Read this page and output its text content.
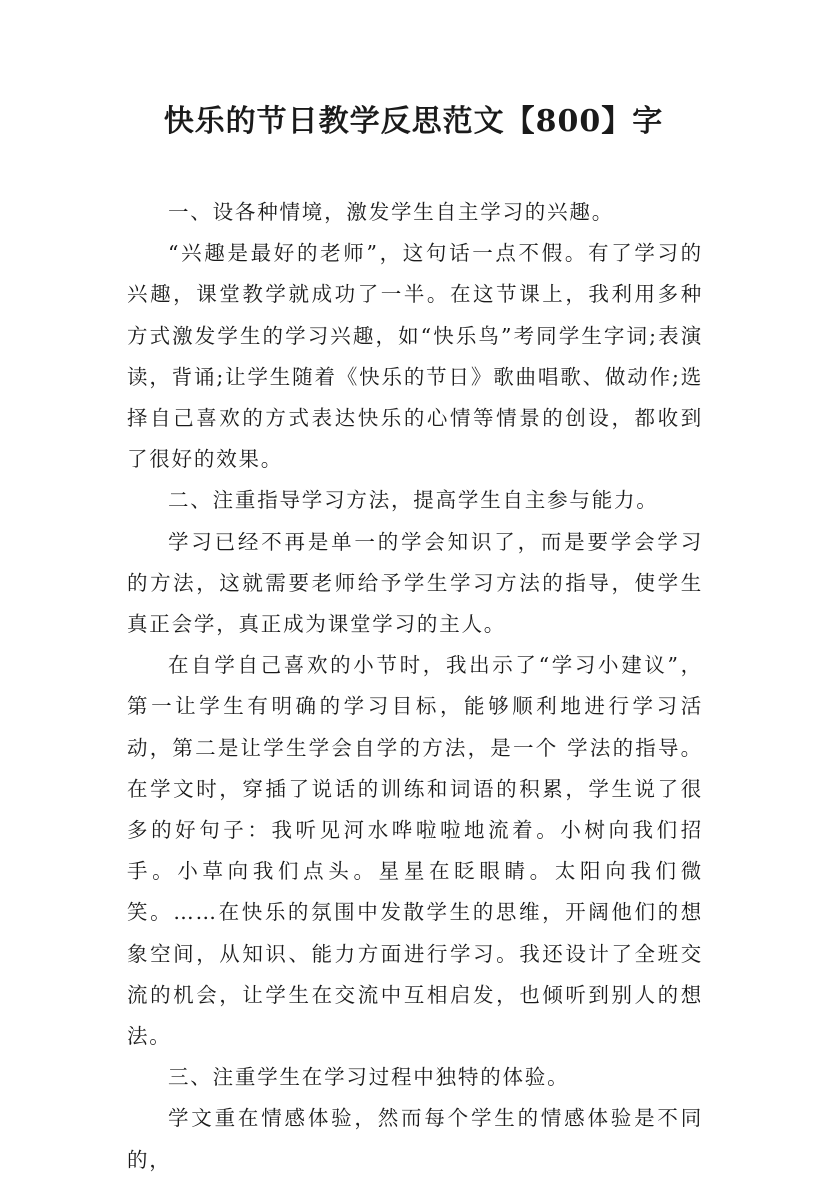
快乐的节日教学反思范文【800】字

一、设各种情境，激发学生自主学习的兴趣。

“兴趣是最好的老师”，这句话一点不假。有了学习的兴趣，课堂教学就成功了一半。在这节课上，我利用多种方式激发学生的学习兴趣，如“快乐鸟”考同学生字词;表演读，背诵;让学生随着《快乐的节日》歌曲唱歌、做动作;选择自己喜欢的方式表达快乐的心情等情景的创设，都收到了很好的效果。

二、注重指导学习方法，提高学生自主参与能力。

学习已经不再是单一的学会知识了，而是要学会学习的方法，这就需要老师给予学生学习方法的指导，使学生真正会学，真正成为课堂学习的主人。

在自学自己喜欢的小节时，我出示了“学习小建议”，第一让学生有明确的学习目标，能够顺利地进行学习活动，第二是让学生学会自学的方法，是一个 学法的指导。在学文时，穿插了说话的训练和词语的积累，学生说了很多的好句子：我听见河水哗啦啦地流着。小树向我们招手。小草向我们点头。星星在眨眼睛。太阳向我们微笑。……在快乐的氛围中发散学生的思维，开阔他们的想象空间，从知识、能力方面进行学习。我还设计了全班交流的机会，让学生在交流中互相启发，也倾听到别人的想法。

三、注重学生在学习过程中独特的体验。

学文重在情感体验，然而每个学生的情感体验是不同的，
